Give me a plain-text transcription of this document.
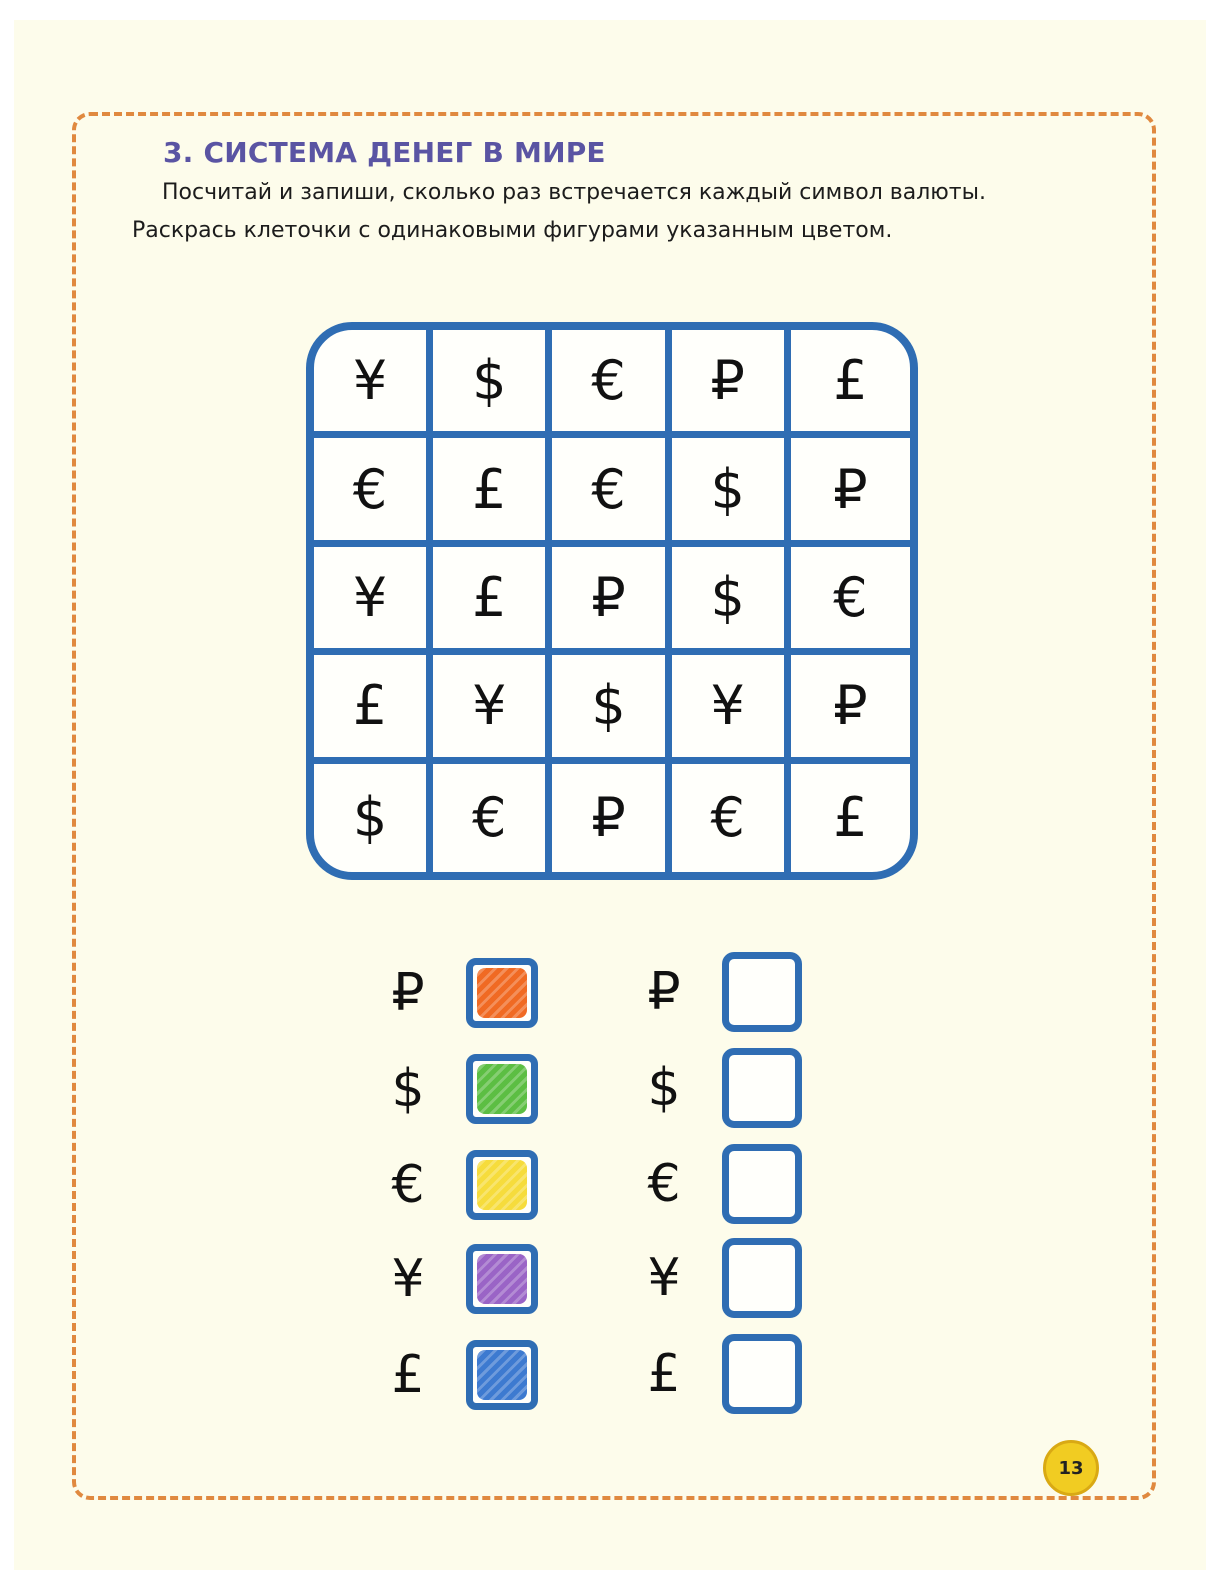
3. СИСТЕМА ДЕНЕГ В МИРЕ
Посчитай и запиши, сколько раз встречается каждый символ валюты.
Раскрась клеточки с одинаковыми фигурами указанным цветом.
¥	$	€	₽	£
€	£	€	$	₽
¥	£	₽	$	€
£	¥	$	¥	₽
$	€	₽	€	£
₽
$
€
¥
£
₽
$
€
¥
£
13
